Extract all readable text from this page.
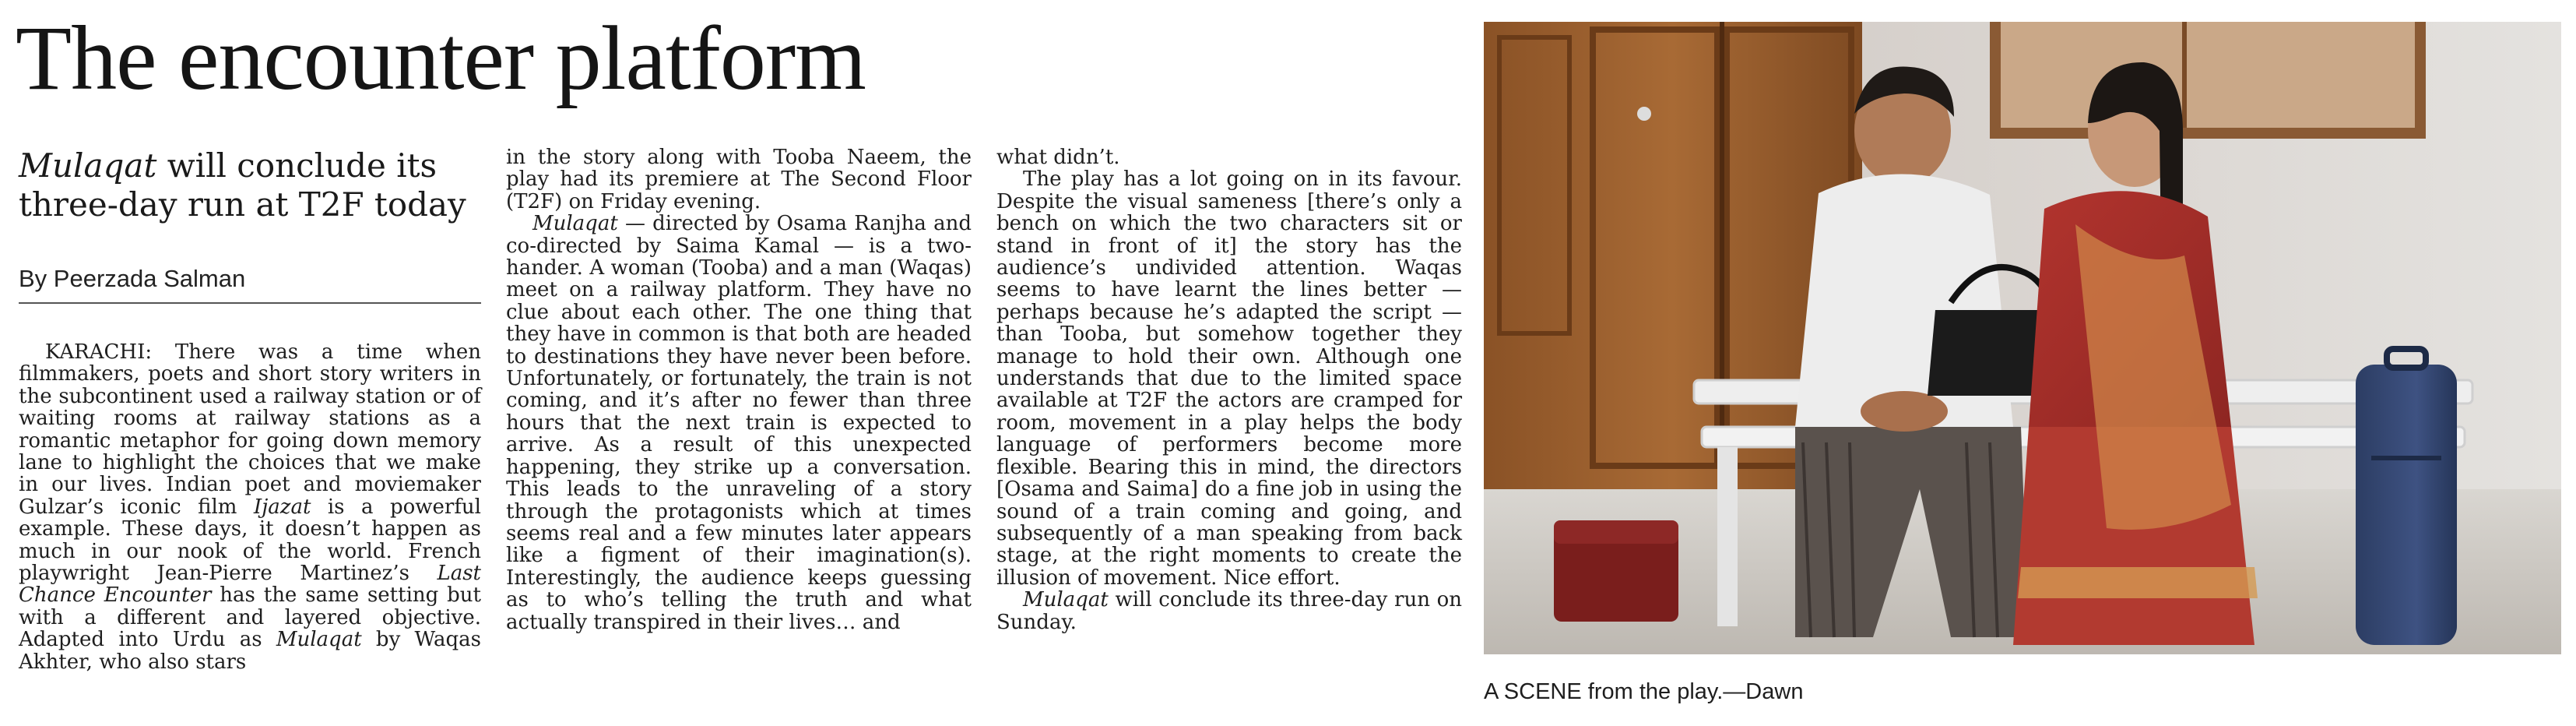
The encounter platform
Mulaqat will conclude its three-day run at T2F today
By Peerzada Salman

KARACHI: There was a time when filmmakers, poets and short story writers in the subcontinent used a railway station or of waiting rooms at railway stations as a romantic metaphor for going down memory lane to highlight the choices that we make in our lives. Indian poet and moviemaker Gulzar’s iconic film Ijazat is a powerful example. These days, it doesn’t happen as much in our nook of the world. French playwright Jean-Pierre Martinez’s Last Chance Encounter has the same setting but with a different and layered objective. Adapted into Urdu as Mulaqat by Waqas Akhter, who also stars

in the story along with Tooba Naeem, the play had its premiere at The Second Floor (T2F) on Friday evening.

Mulaqat — directed by Osama Ranjha and co-directed by Saima Kamal — is a two-hander. A woman (Tooba) and a man (Waqas) meet on a railway platform. They have no clue about each other. The one thing that they have in common is that both are headed to destinations they have never been before. Unfortunately, or fortunately, the train is not coming, and it’s after no fewer than three hours that the next train is expected to arrive. As a result of this unexpected happening, they strike up a conversation. This leads to the unraveling of a story through the protagonists which at times seems real and a few minutes later appears like a figment of their imagination(s). Interestingly, the audience keeps guessing as to who’s telling the truth and what actually transpired in their lives… and

what didn’t.

The play has a lot going on in its favour. Despite the visual sameness [there’s only a bench on which the two characters sit or stand in front of it] the story has the audience’s undivided attention. Waqas seems to have learnt the lines better — perhaps because he’s adapted the script — than Tooba, but somehow together they manage to hold their own. Although one understands that due to the limited space available at T2F the actors are cramped for room, movement in a play helps the body language of performers become more flexible. Bearing this in mind, the directors [Osama and Saima] do a fine job in using the sound of a train coming and going, and subsequently of a man speaking from back stage, at the right moments to create the illusion of movement. Nice effort.

Mulaqat will conclude its three-day run on Sunday.

A SCENE from the play.—Dawn
